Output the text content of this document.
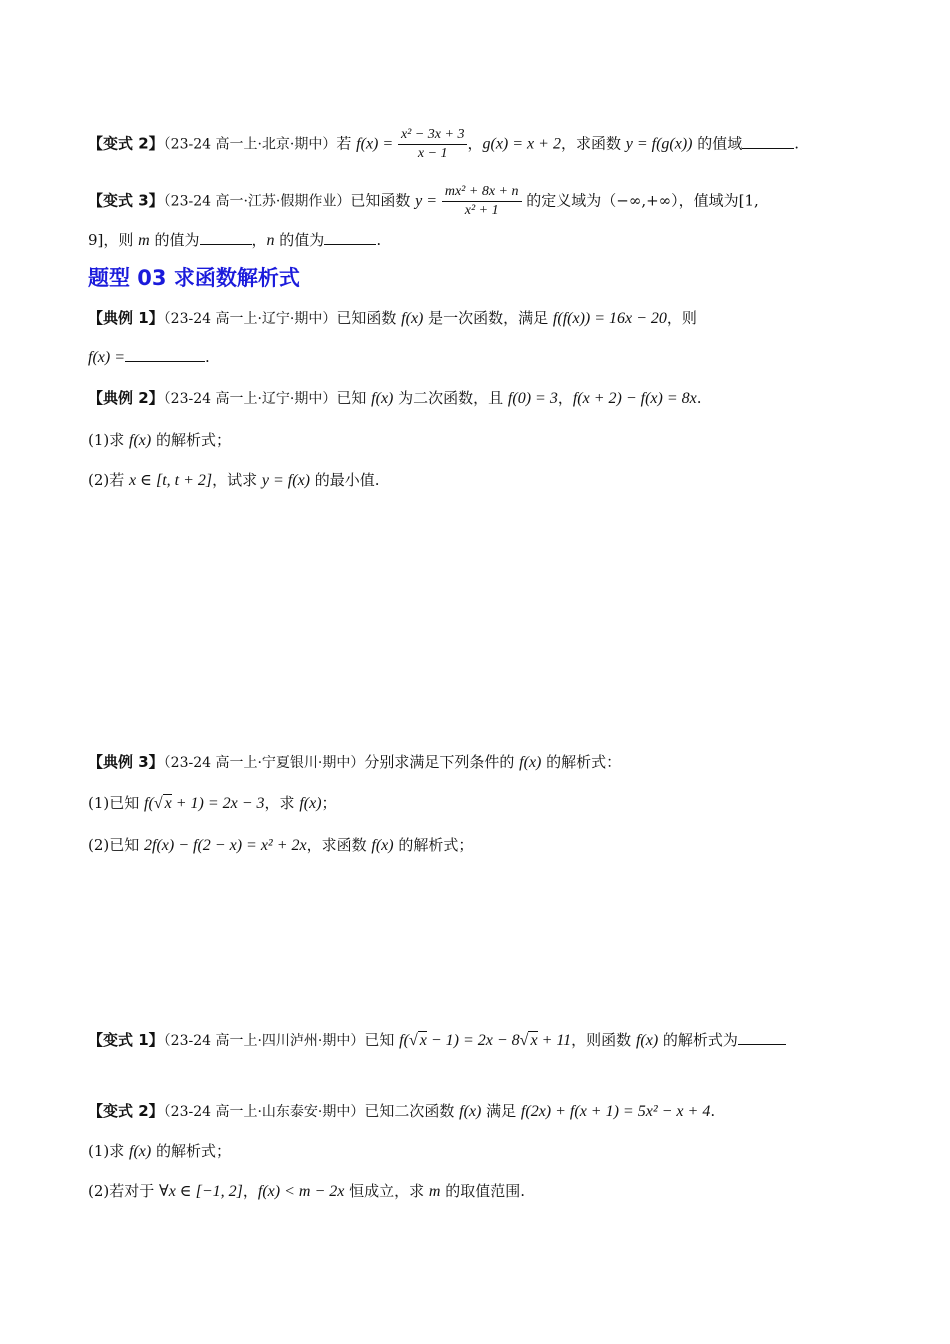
【变式 2】（23-24 高一上·北京·期中）若 $f(x) = \frac{\text{x² − 3x + 3}}{x - 1}$ ，g(x) = x + 2，求函数 y = f(g(x)) 的值域	.
【变式 3】（23-24 高一·江苏·假期作业）已知函数 $y = \frac{\text{mx² + 8x + n}}{\text{x² + 1}}$ 的定义域为（−∞,+∞），值域为[1,
9]，则 m 的值为	，n 的值为	.
题型 03 求函数解析式
【典例 1】（23-24 高一上·辽宁·期中）已知函数 f(x) 是一次函数，满足 f(f(x)) = 16x − 20，则
f(x) =	.
【典例 2】（23-24 高一上·辽宁·期中）已知 f(x) 为二次函数，且 f(0) = 3，f(x + 2) − f(x) = 8x.
(1)求 f(x) 的解析式；
(2)若 x ∈ [t, t + 2]，试求 y = f(x) 的最小值.
【典例 3】（23-24 高一上·宁夏银川·期中）分别求满足下列条件的 f(x) 的解析式：
(1)已知 f(√ x + 1) = 2x − 3，求 f(x)；
(2)已知 2f(x) − f(2 − x) = x² + 2x，求函数 f(x) 的解析式；
【变式 1】（23-24 高一上·四川泸州·期中）已知 f(√ x − 1) = 2x − 8√ x + 11，则函数 f(x) 的解析式为
【变式 2】（23-24 高一上·山东泰安·期中）已知二次函数 f(x) 满足 f(2x) + f(x + 1) = 5x² − x + 4.
(1)求 f(x) 的解析式；
(2)若对于 ∀x ∈ [−1, 2]，f(x) < m − 2x 恒成立，求 m 的取值范围.
